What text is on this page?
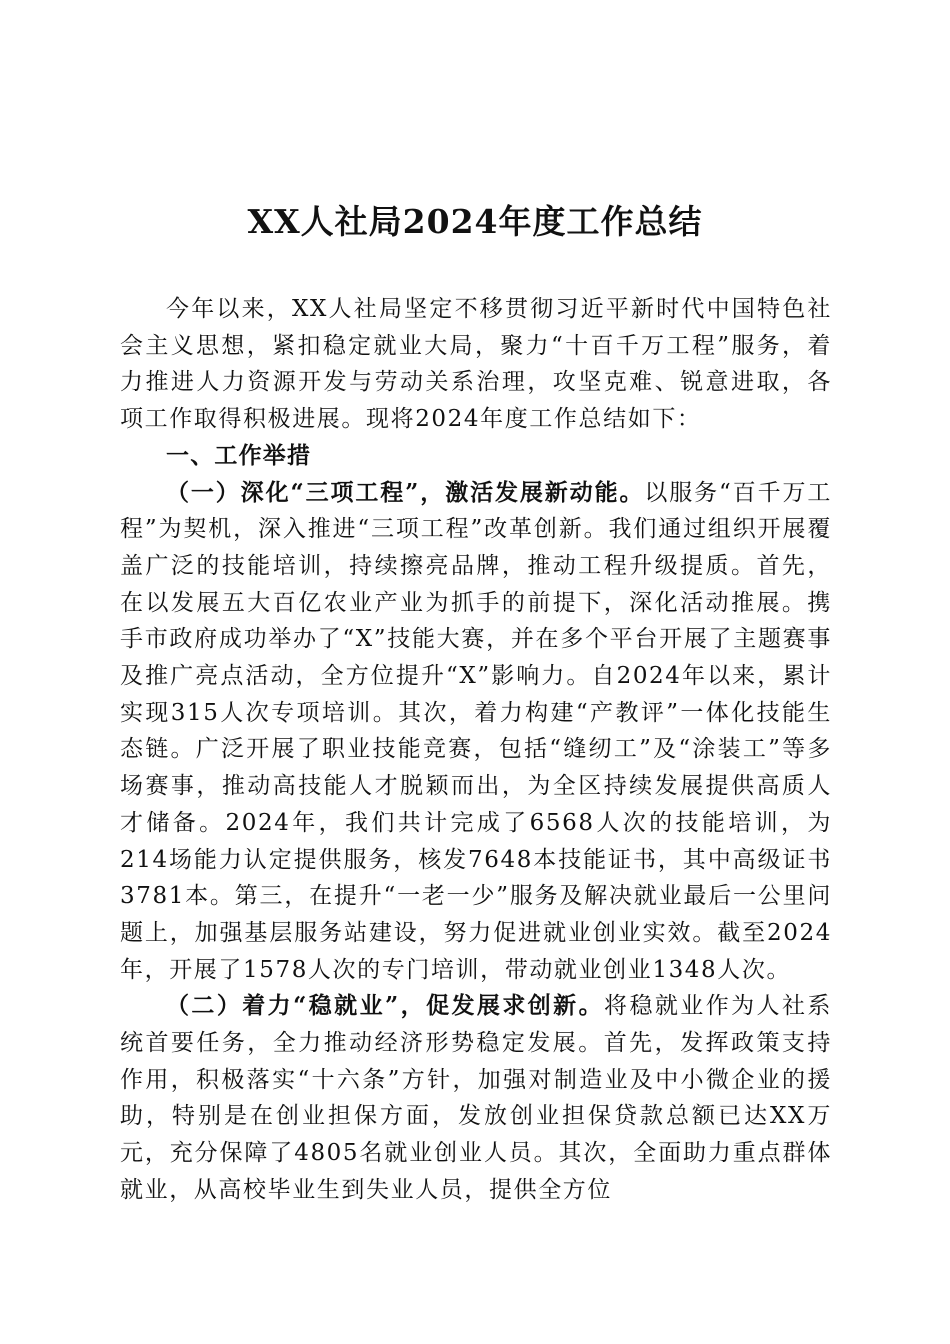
XX人社局2024年度工作总结

今年以来，XX人社局坚定不移贯彻习近平新时代中国特色社会主义思想，紧扣稳定就业大局，聚力“十百千万工程”服务，着力推进人力资源开发与劳动关系治理，攻坚克难、锐意进取，各项工作取得积极进展。现将2024年度工作总结如下：

一、工作举措

（一）深化“三项工程”，激活发展新动能。以服务“百千万工程”为契机，深入推进“三项工程”改革创新。我们通过组织开展覆盖广泛的技能培训，持续擦亮品牌，推动工程升级提质。首先，在以发展五大百亿农业产业为抓手的前提下，深化活动推展。携手市政府成功举办了“X”技能大赛，并在多个平台开展了主题赛事及推广亮点活动，全方位提升“X”影响力。自2024年以来，累计实现315人次专项培训。其次，着力构建“产教评”一体化技能生态链。广泛开展了职业技能竞赛，包括“缝纫工”及“涂装工”等多场赛事，推动高技能人才脱颖而出，为全区持续发展提供高质人才储备。2024年，我们共计完成了6568人次的技能培训，为214场能力认定提供服务，核发7648本技能证书，其中高级证书3781本。第三，在提升“一老一少”服务及解决就业最后一公里问题上，加强基层服务站建设，努力促进就业创业实效。截至2024年，开展了1578人次的专门培训，带动就业创业1348人次。

（二）着力“稳就业”，促发展求创新。将稳就业作为人社系统首要任务，全力推动经济形势稳定发展。首先，发挥政策支持作用，积极落实“十六条”方针，加强对制造业及中小微企业的援助，特别是在创业担保方面，发放创业担保贷款总额已达XX万元，充分保障了4805名就业创业人员。其次，全面助力重点群体就业，从高校毕业生到失业人员，提供全方位
